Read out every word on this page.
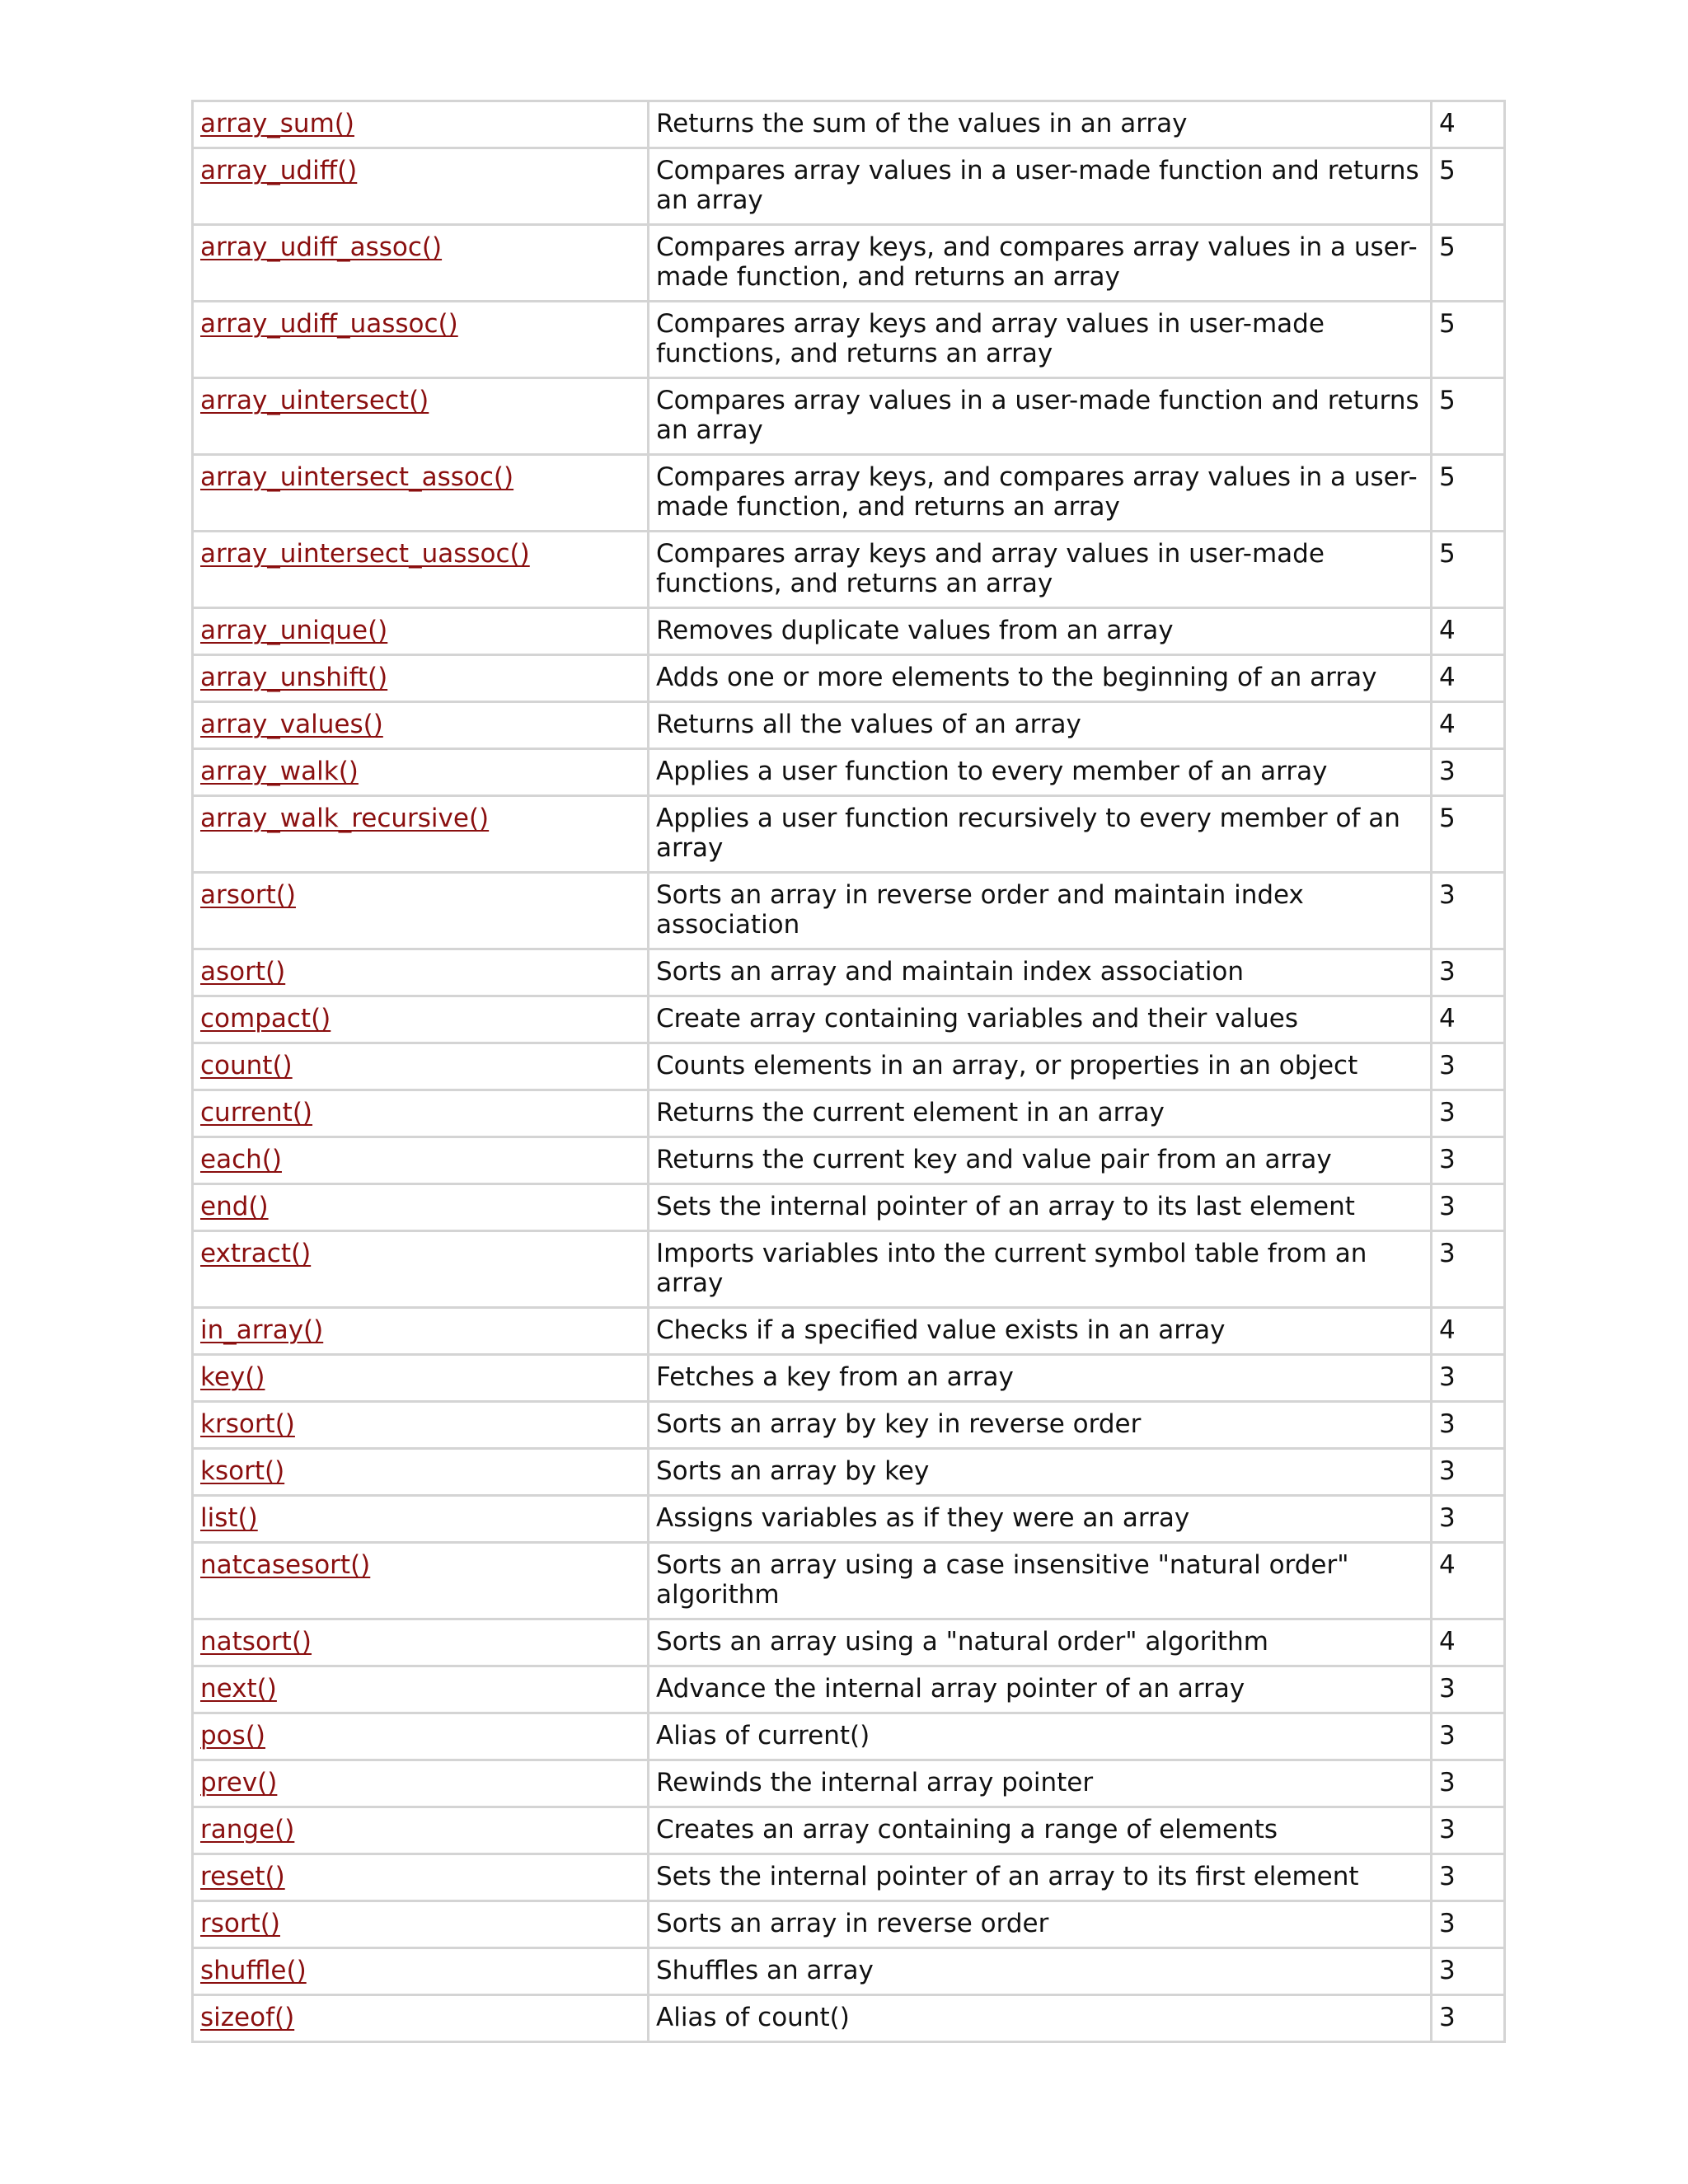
array_sum()	Returns the sum of the values in an array	4
array_udiff()	Compares array values in a user-made function and returns an array	5
array_udiff_assoc()	Compares array keys, and compares array values in a user-made function, and returns an array	5
array_udiff_uassoc()	Compares array keys and array values in user-made functions, and returns an array	5
array_uintersect()	Compares array values in a user-made function and returns an array	5
array_uintersect_assoc()	Compares array keys, and compares array values in a user-made function, and returns an array	5
array_uintersect_uassoc()	Compares array keys and array values in user-made functions, and returns an array	5
array_unique()	Removes duplicate values from an array	4
array_unshift()	Adds one or more elements to the beginning of an array	4
array_values()	Returns all the values of an array	4
array_walk()	Applies a user function to every member of an array	3
array_walk_recursive()	Applies a user function recursively to every member of an array	5
arsort()	Sorts an array in reverse order and maintain index association	3
asort()	Sorts an array and maintain index association	3
compact()	Create array containing variables and their values	4
count()	Counts elements in an array, or properties in an object	3
current()	Returns the current element in an array	3
each()	Returns the current key and value pair from an array	3
end()	Sets the internal pointer of an array to its last element	3
extract()	Imports variables into the current symbol table from an array	3
in_array()	Checks if a specified value exists in an array	4
key()	Fetches a key from an array	3
krsort()	Sorts an array by key in reverse order	3
ksort()	Sorts an array by key	3
list()	Assigns variables as if they were an array	3
natcasesort()	Sorts an array using a case insensitive "natural order" algorithm	4
natsort()	Sorts an array using a "natural order" algorithm	4
next()	Advance the internal array pointer of an array	3
pos()	Alias of current()	3
prev()	Rewinds the internal array pointer	3
range()	Creates an array containing a range of elements	3
reset()	Sets the internal pointer of an array to its first element	3
rsort()	Sorts an array in reverse order	3
shuffle()	Shuffles an array	3
sizeof()	Alias of count()	3
